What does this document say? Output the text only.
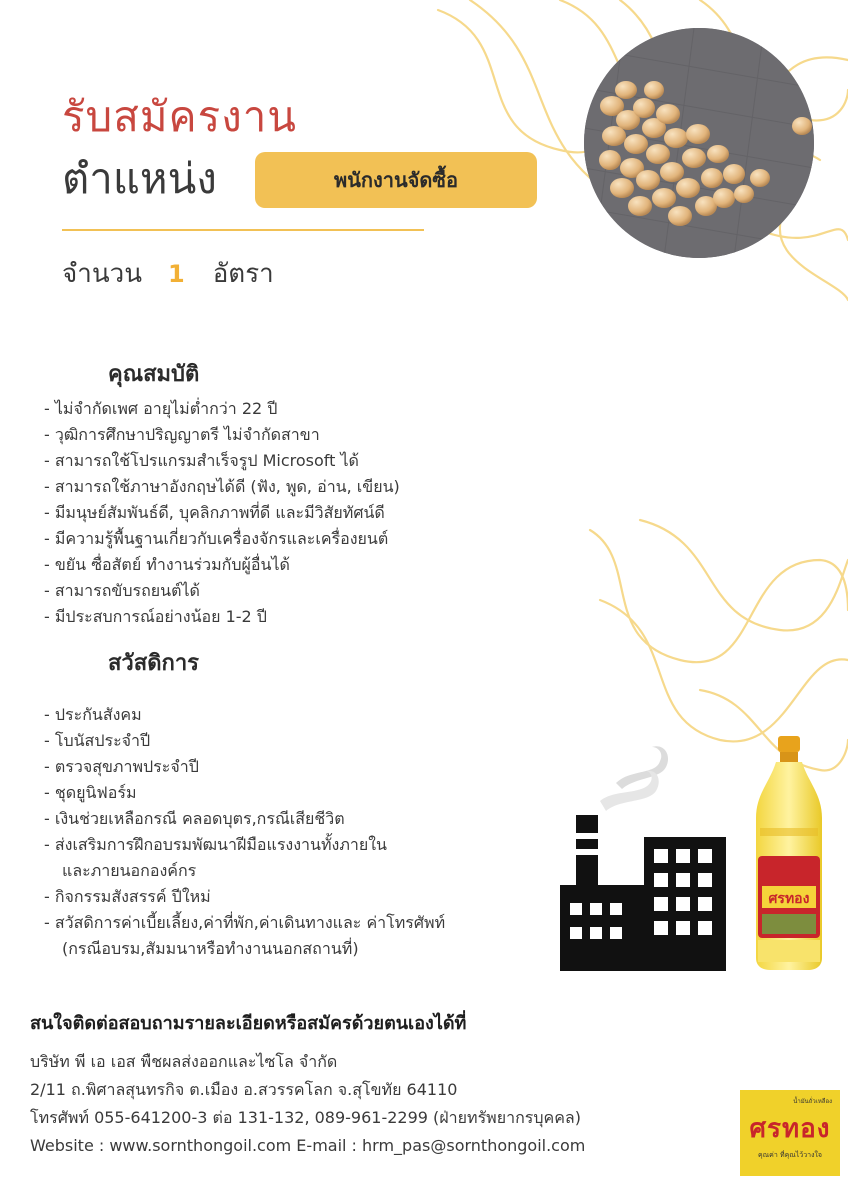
รับสมัครงาน
ตำแหน่ง	พนักงานจัดซื้อ
จำนวน 1 อัตรา
คุณสมบัติ
- ไม่จำกัดเพศ อายุไม่ต่ำกว่า 22 ปี
- วุฒิการศึกษาปริญญาตรี ไม่จำกัดสาขา
- สามารถใช้โปรแกรมสำเร็จรูป Microsoft ได้
- สามารถใช้ภาษาอังกฤษได้ดี (ฟัง, พูด, อ่าน, เขียน)
- มีมนุษย์สัมพันธ์ดี, บุคลิกภาพที่ดี และมีวิสัยทัศน์ดี
- มีความรู้พื้นฐานเกี่ยวกับเครื่องจักรและเครื่องยนต์
- ขยัน ซื่อสัตย์ ทำงานร่วมกับผู้อื่นได้
- สามารถขับรถยนต์ได้
- มีประสบการณ์อย่างน้อย 1-2 ปี
สวัสดิการ
- ประกันสังคม
- โบนัสประจำปี
- ตรวจสุขภาพประจำปี
- ชุดยูนิฟอร์ม
- เงินช่วยเหลือกรณี คลอดบุตร,กรณีเสียชีวิต
- ส่งเสริมการฝึกอบรมพัฒนาฝีมือแรงงานทั้งภายใน
และภายนอกองค์กร
- กิจกรรมสังสรรค์ ปีใหม่
- สวัสดิการค่าเบี้ยเลี้ยง,ค่าที่พัก,ค่าเดินทางและ ค่าโทรศัพท์
(กรณีอบรม,สัมมนาหรือทำงานนอกสถานที่)
ศรทอง
สนใจติดต่อสอบถามรายละเอียดหรือสมัครด้วยตนเองได้ที่
บริษัท พี เอ เอส พืชผลส่งออกและไซโล จำกัด
2/11 ถ.พิศาลสุนทรกิจ ต.เมือง อ.สวรรคโลก จ.สุโขทัย 64110
โทรศัพท์ 055-641200-3 ต่อ 131-132, 089-961-2299 (ฝ่ายทรัพยากรบุคคล)
Website : www.sornthongoil.com E-mail : hrm_pas@sornthongoil.com
น้ำมันถั่วเหลือง
ศรทอง
คุณค่า ที่คุณไว้วางใจ
